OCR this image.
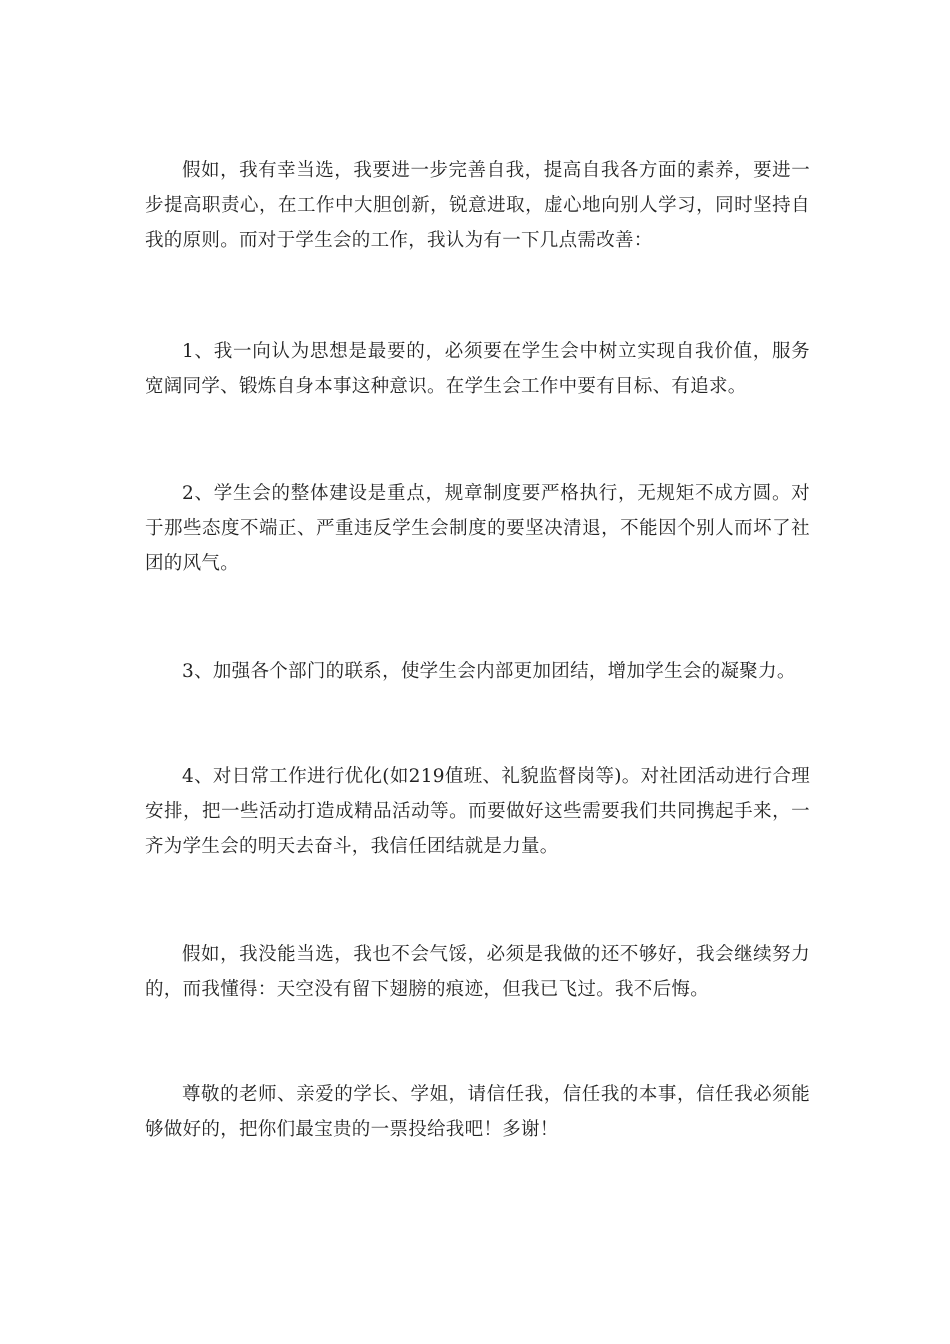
假如，我有幸当选，我要进一步完善自我，提高自我各方面的素养，要进一步提高职责心，在工作中大胆创新，锐意进取，虚心地向别人学习，同时坚持自我的原则。而对于学生会的工作，我认为有一下几点需改善：

1、我一向认为思想是最要的，必须要在学生会中树立实现自我价值，服务宽阔同学、锻炼自身本事这种意识。在学生会工作中要有目标、有追求。

2、学生会的整体建设是重点，规章制度要严格执行，无规矩不成方圆。对于那些态度不端正、严重违反学生会制度的要坚决清退，不能因个别人而坏了社团的风气。

3、加强各个部门的联系，使学生会内部更加团结，增加学生会的凝聚力。

4、对日常工作进行优化(如219值班、礼貌监督岗等)。对社团活动进行合理安排，把一些活动打造成精品活动等。而要做好这些需要我们共同携起手来，一齐为学生会的明天去奋斗，我信任团结就是力量。

假如，我没能当选，我也不会气馁，必须是我做的还不够好，我会继续努力的，而我懂得：天空没有留下翅膀的痕迹，但我已飞过。我不后悔。

尊敬的老师、亲爱的学长、学姐，请信任我，信任我的本事，信任我必须能够做好的，把你们最宝贵的一票投给我吧！多谢！
